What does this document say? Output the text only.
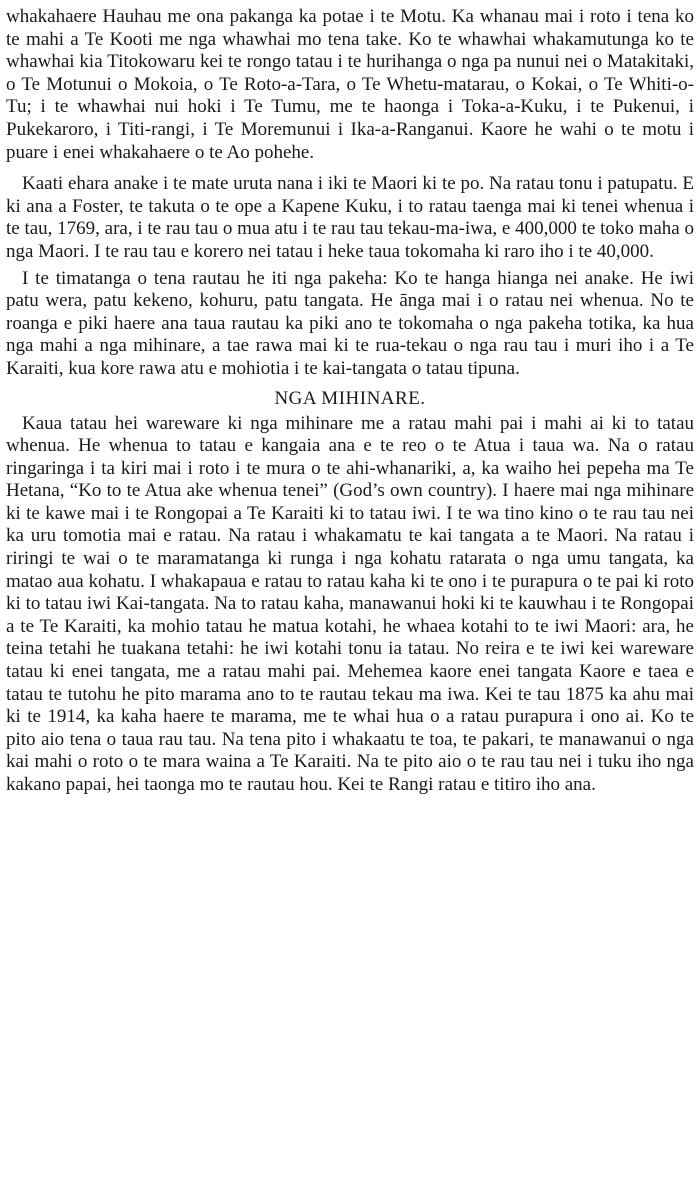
whakahaere Hauhau me ona pakanga ka potae i te Motu. Ka whanau mai i roto i tena ko te mahi a Te Kooti me nga whawhai mo tena take. Ko te whawhai whakamutunga ko te whawhai kia Titokowaru kei te rongo tatau i te hurihanga o nga pa nunui nei o Matakitaki, o Te Motunui o Mokoia, o Te Roto-a-Tara, o Te Whetu-matarau, o Kokai, o Te Whiti-o-Tu; i te whawhai nui hoki i Te Tumu, me te haonga i Toka-a-Kuku, i te Pukenui, i Pukekaroro, i Titi-rangi, i Te Moremunui i Ika-a-Ranganui. Kaore he wahi o te motu i puare i enei whakahaere o te Ao pohehe.

Kaati ehara anake i te mate uruta nana i iki te Maori ki te po. Na ratau tonu i patupatu. E ki ana a Foster, te takuta o te ope a Kapene Kuku, i to ratau taenga mai ki tenei whenua i te tau, 1769, ara, i te rau tau o mua atu i te rau tau tekau-ma-iwa, e 400,000 te toko maha o nga Maori. I te rau tau e korero nei tatau i heke taua tokomaha ki raro iho i te 40,000.

I te timatanga o tena rautau he iti nga pakeha: Ko te hanga hianga nei anake. He iwi patu wera, patu kekeno, kohuru, patu tangata. He ānga mai i o ratau nei whenua. No te roanga e piki haere ana taua rautau ka piki ano te tokomaha o nga pakeha totika, ka hua nga mahi a nga mihinare, a tae rawa mai ki te rua-tekau o nga rau tau i muri iho i a Te Karaiti, kua kore rawa atu e mohiotia i te kai-tangata o tatau tipuna.

NGA MIHINARE.

Kaua tatau hei wareware ki nga mihinare me a ratau mahi pai i mahi ai ki to tatau whenua. He whenua to tatau e kangaia ana e te reo o te Atua i taua wa. Na o ratau ringaringa i ta kiri mai i roto i te mura o te ahi-whanariki, a, ka waiho hei pepeha ma Te Hetana, “Ko to te Atua ake whenua tenei” (God’s own country). I haere mai nga mihinare ki te kawe mai i te Rongopai a Te Karaiti ki to tatau iwi. I te wa tino kino o te rau tau nei ka uru tomotia mai e ratau. Na ratau i whakamatu te kai tangata a te Maori. Na ratau i riringi te wai o te maramatanga ki runga i nga kohatu ratarata o nga umu tangata, ka matao aua kohatu. I whakapaua e ratau to ratau kaha ki te ono i te purapura o te pai ki roto ki to tatau iwi Kai-tangata. Na to ratau kaha, manawanui hoki ki te kauwhau i te Rongopai a te Te Karaiti, ka mohio tatau he matua kotahi, he whaea kotahi to te iwi Maori: ara, he teina tetahi he tuakana tetahi: he iwi kotahi tonu ia tatau. No reira e te iwi kei wareware tatau ki enei tangata, me a ratau mahi pai. Mehemea kaore enei tangata Kaore e taea e tatau te tutohu he pito marama ano to te rautau tekau ma iwa. Kei te tau 1875 ka ahu mai ki te 1914, ka kaha haere te marama, me te whai hua o a ratau purapura i ono ai. Ko te pito aio tena o taua rau tau. Na tena pito i whakaatu te toa, te pakari, te manawanui o nga kai mahi o roto o te mara waina a Te Karaiti. Na te pito aio o te rau tau nei i tuku iho nga kakano papai, hei taonga mo te rautau hou. Kei te Rangi ratau e titiro iho ana.
